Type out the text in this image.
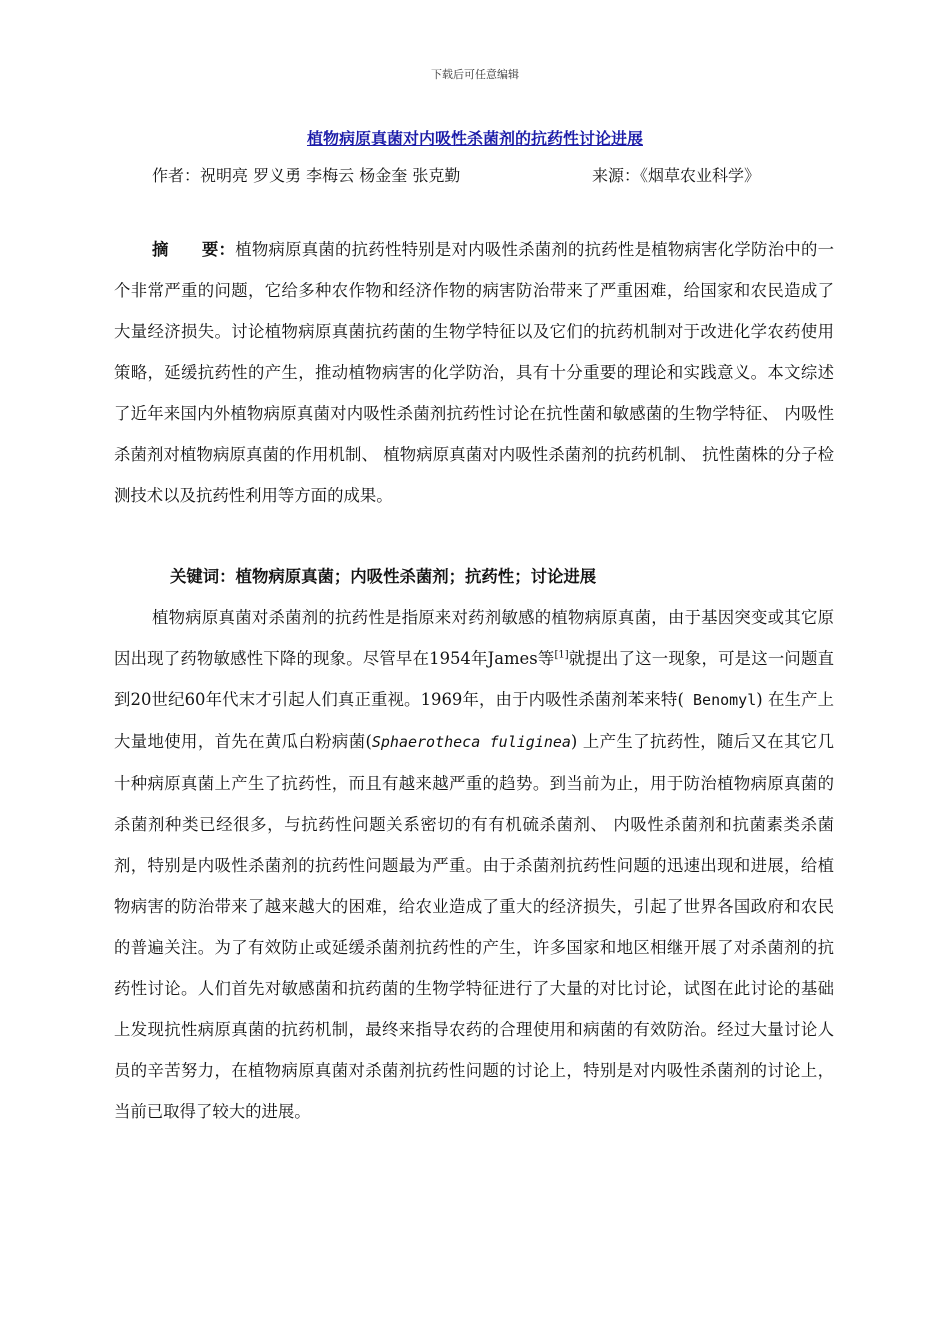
下载后可任意编辑
植物病原真菌对内吸性杀菌剂的抗药性讨论进展
作者：祝明亮 罗义勇 李梅云 杨金奎 张克勤	来源：《烟草农业科学》
摘　　要：植物病原真菌的抗药性特别是对内吸性杀菌剂的抗药性是植物病害化学防治中的一个非常严重的问题，它给多种农作物和经济作物的病害防治带来了严重困难，给国家和农民造成了大量经济损失。讨论植物病原真菌抗药菌的生物学特征以及它们的抗药机制对于改进化学农药使用策略，延缓抗药性的产生，推动植物病害的化学防治，具有十分重要的理论和实践意义。本文综述了近年来国内外植物病原真菌对内吸性杀菌剂抗药性讨论在抗性菌和敏感菌的生物学特征、 内吸性杀菌剂对植物病原真菌的作用机制、 植物病原真菌对内吸性杀菌剂的抗药机制、 抗性菌株的分子检测技术以及抗药性利用等方面的成果。
关键词：植物病原真菌；内吸性杀菌剂；抗药性；讨论进展
植物病原真菌对杀菌剂的抗药性是指原来对药剂敏感的植物病原真菌，由于基因突变或其它原因出现了药物敏感性下降的现象。尽管早在1954年James等[1]就提出了这一现象，可是这一问题直到20世纪60年代末才引起人们真正重视。1969年，由于内吸性杀菌剂苯来特( Benomyl) 在生产上大量地使用，首先在黄瓜白粉病菌(Sphaerotheca fuliginea) 上产生了抗药性，随后又在其它几十种病原真菌上产生了抗药性，而且有越来越严重的趋势。到当前为止，用于防治植物病原真菌的杀菌剂种类已经很多，与抗药性问题关系密切的有有机硫杀菌剂、 内吸性杀菌剂和抗菌素类杀菌剂，特别是内吸性杀菌剂的抗药性问题最为严重。由于杀菌剂抗药性问题的迅速出现和进展，给植物病害的防治带来了越来越大的困难，给农业造成了重大的经济损失，引起了世界各国政府和农民的普遍关注。为了有效防止或延缓杀菌剂抗药性的产生，许多国家和地区相继开展了对杀菌剂的抗药性讨论。人们首先对敏感菌和抗药菌的生物学特征进行了大量的对比讨论，试图在此讨论的基础上发现抗性病原真菌的抗药机制，最终来指导农药的合理使用和病菌的有效防治。经过大量讨论人员的辛苦努力，在植物病原真菌对杀菌剂抗药性问题的讨论上，特别是对内吸性杀菌剂的讨论上，当前已取得了较大的进展。
